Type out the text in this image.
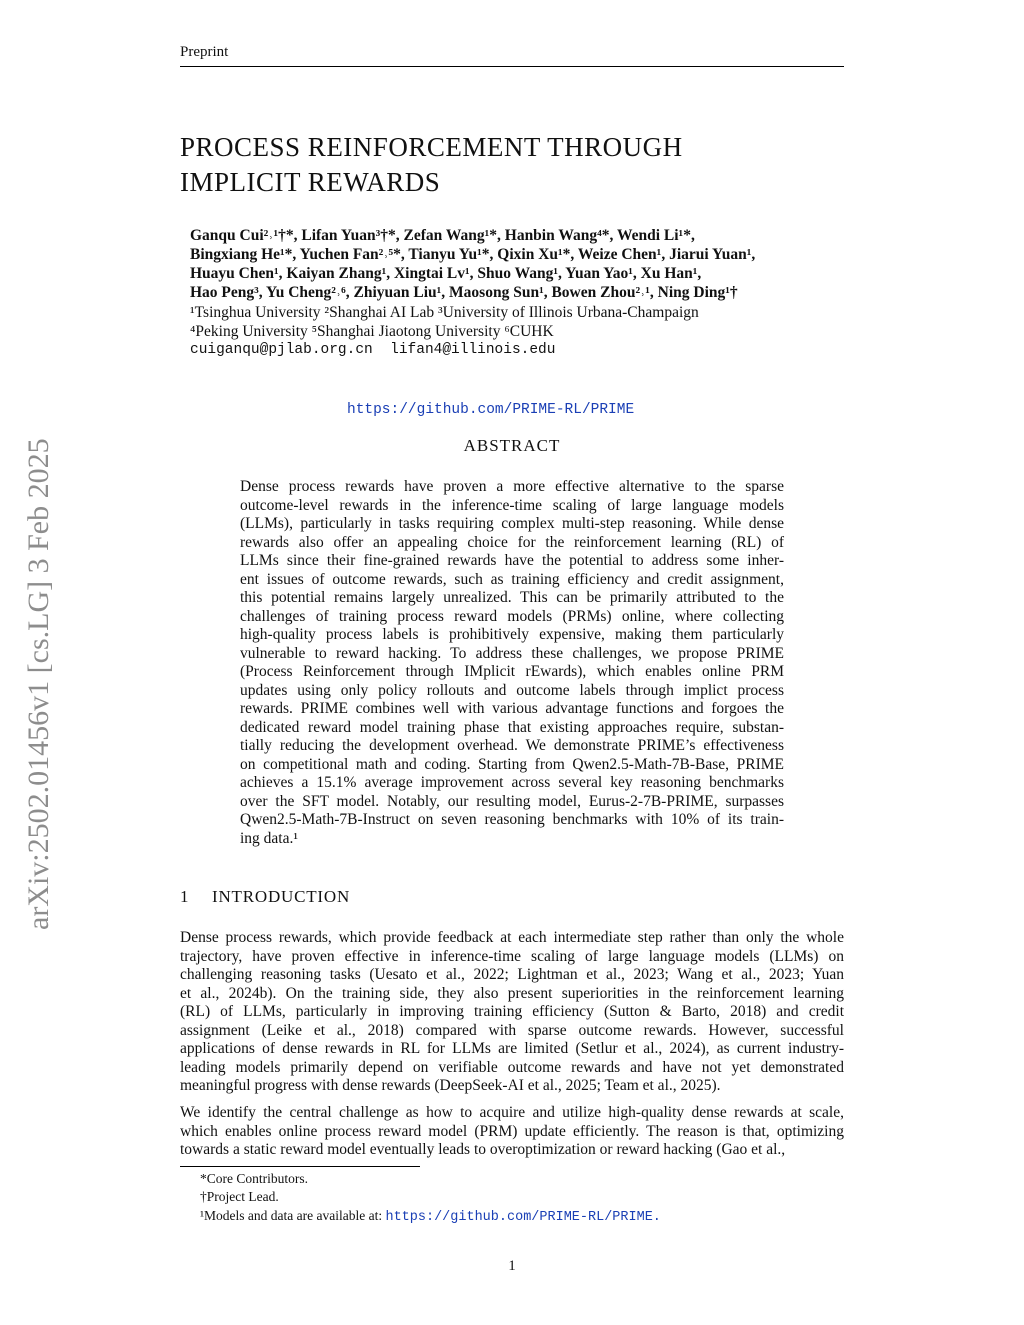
Preprint
arXiv:2502.01456v1 [cs.LG] 3 Feb 2025
PROCESS REINFORCEMENT THROUGH
IMPLICIT REWARDS
Ganqu Cui²˒¹†*, Lifan Yuan³†*, Zefan Wang¹*, Hanbin Wang⁴*, Wendi Li¹*,
Bingxiang He¹*, Yuchen Fan²˒⁵*, Tianyu Yu¹*, Qixin Xu¹*, Weize Chen¹, Jiarui Yuan¹,
Huayu Chen¹, Kaiyan Zhang¹, Xingtai Lv¹, Shuo Wang¹, Yuan Yao¹, Xu Han¹,
Hao Peng³, Yu Cheng²˒⁶, Zhiyuan Liu¹, Maosong Sun¹, Bowen Zhou²˒¹, Ning Ding¹†
¹Tsinghua University ²Shanghai AI Lab ³University of Illinois Urbana-Champaign
⁴Peking University ⁵Shanghai Jiaotong University ⁶CUHK
cuiganqu@pjlab.org.cn  lifan4@illinois.edu
https://github.com/PRIME-RL/PRIME
ABSTRACT
Dense process rewards have proven a more effective alternative to the sparse
outcome-level rewards in the inference-time scaling of large language models
(LLMs), particularly in tasks requiring complex multi-step reasoning. While dense
rewards also offer an appealing choice for the reinforcement learning (RL) of
LLMs since their fine-grained rewards have the potential to address some inher-
ent issues of outcome rewards, such as training efficiency and credit assignment,
this potential remains largely unrealized. This can be primarily attributed to the
challenges of training process reward models (PRMs) online, where collecting
high-quality process labels is prohibitively expensive, making them particularly
vulnerable to reward hacking. To address these challenges, we propose PRIME
(Process Reinforcement through IMplicit rEwards), which enables online PRM
updates using only policy rollouts and outcome labels through implict process
rewards. PRIME combines well with various advantage functions and forgoes the
dedicated reward model training phase that existing approaches require, substan-
tially reducing the development overhead. We demonstrate PRIME’s effectiveness
on competitional math and coding. Starting from Qwen2.5-Math-7B-Base, PRIME
achieves a 15.1% average improvement across several key reasoning benchmarks
over the SFT model. Notably, our resulting model, Eurus-2-7B-PRIME, surpasses
Qwen2.5-Math-7B-Instruct on seven reasoning benchmarks with 10% of its train-
ing data.¹
1 INTRODUCTION
Dense process rewards, which provide feedback at each intermediate step rather than only the whole
trajectory, have proven effective in inference-time scaling of large language models (LLMs) on
challenging reasoning tasks (Uesato et al., 2022; Lightman et al., 2023; Wang et al., 2023; Yuan
et al., 2024b). On the training side, they also present superiorities in the reinforcement learning
(RL) of LLMs, particularly in improving training efficiency (Sutton & Barto, 2018) and credit
assignment (Leike et al., 2018) compared with sparse outcome rewards. However, successful
applications of dense rewards in RL for LLMs are limited (Setlur et al., 2024), as current industry-
leading models primarily depend on verifiable outcome rewards and have not yet demonstrated
meaningful progress with dense rewards (DeepSeek-AI et al., 2025; Team et al., 2025).
We identify the central challenge as how to acquire and utilize high-quality dense rewards at scale,
which enables online process reward model (PRM) update efficiently. The reason is that, optimizing
towards a static reward model eventually leads to overoptimization or reward hacking (Gao et al.,
*Core Contributors.
†Project Lead.
¹Models and data are available at: https://github.com/PRIME-RL/PRIME.
1
